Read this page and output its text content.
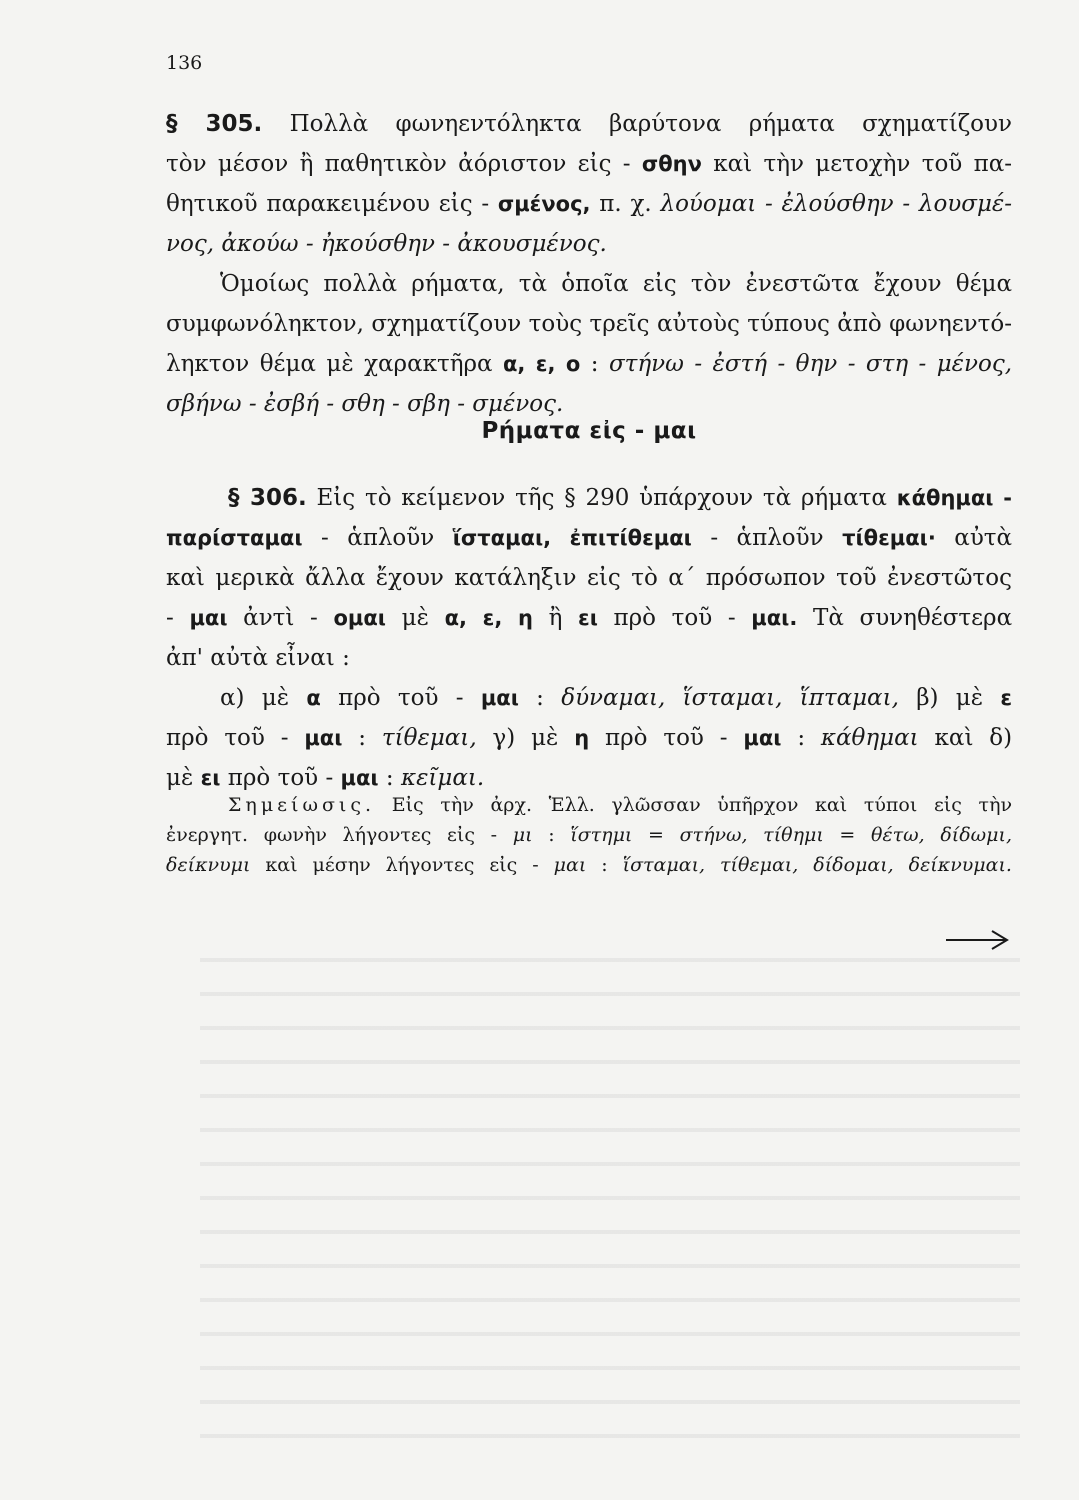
136
§ 305. Πολλὰ φωνηεντόληκτα βαρύτονα ρήματα σχηματίζουν
τὸν μέσον ἢ παθητικὸν ἀόριστον εἰς - σθην καὶ τὴν μετοχὴν τοῦ πα-
θητικοῦ παρακειμένου εἰς - σμένος, π. χ. λούομαι - ἐλούσθην - λουσμέ-
νος, ἀκούω - ἠκούσθην - ἀκουσμένος.
Ὁμοίως πολλὰ ρήματα, τὰ ὁποῖα εἰς τὸν ἐνεστῶτα ἔχουν θέμα
συμφωνόληκτον, σχηματίζουν τοὺς τρεῖς αὐτοὺς τύπους ἀπὸ φωνηεντό-
ληκτον θέμα μὲ χαρακτῆρα α, ε, ο : στήνω - ἐστή - θην - στη - μένος,
σβήνω - ἐσβή - σθη - σβη - σμένος.
Ρήματα εἰς - μαι
§ 306. Εἰς τὸ κείμενον τῆς § 290 ὑπάρχουν τὰ ρήματα κάθημαι -
παρίσταμαι - ἁπλοῦν ἵσταμαι, ἐπιτίθεμαι - ἁπλοῦν τίθεμαι· αὐτὰ
καὶ μερικὰ ἄλλα ἔχουν κατάληξιν εἰς τὸ α΄ πρόσωπον τοῦ ἐνεστῶτος
- μαι ἀντὶ - ομαι μὲ α, ε, η ἢ ει πρὸ τοῦ - μαι. Τὰ συνηθέστερα
ἀπ' αὐτὰ εἶναι :
α) μὲ α πρὸ τοῦ - μαι : δύναμαι, ἵσταμαι, ἵπταμαι, β) μὲ ε
πρὸ τοῦ - μαι : τίθεμαι, γ) μὲ η πρὸ τοῦ - μαι : κάθημαι καὶ δ)
μὲ ει πρὸ τοῦ - μαι : κεῖμαι.
Σημείωσις. Εἰς τὴν ἀρχ. Ἑλλ. γλῶσσαν ὑπῆρχον καὶ τύποι εἰς τὴν
ἐνεργητ. φωνὴν λήγοντες εἰς - μι : ἵστημι = στήνω, τίθημι = θέτω, δίδωμι,
δείκνυμι καὶ μέσην λήγοντες εἰς - μαι : ἵσταμαι, τίθεμαι, δίδομαι, δείκνυμαι.
